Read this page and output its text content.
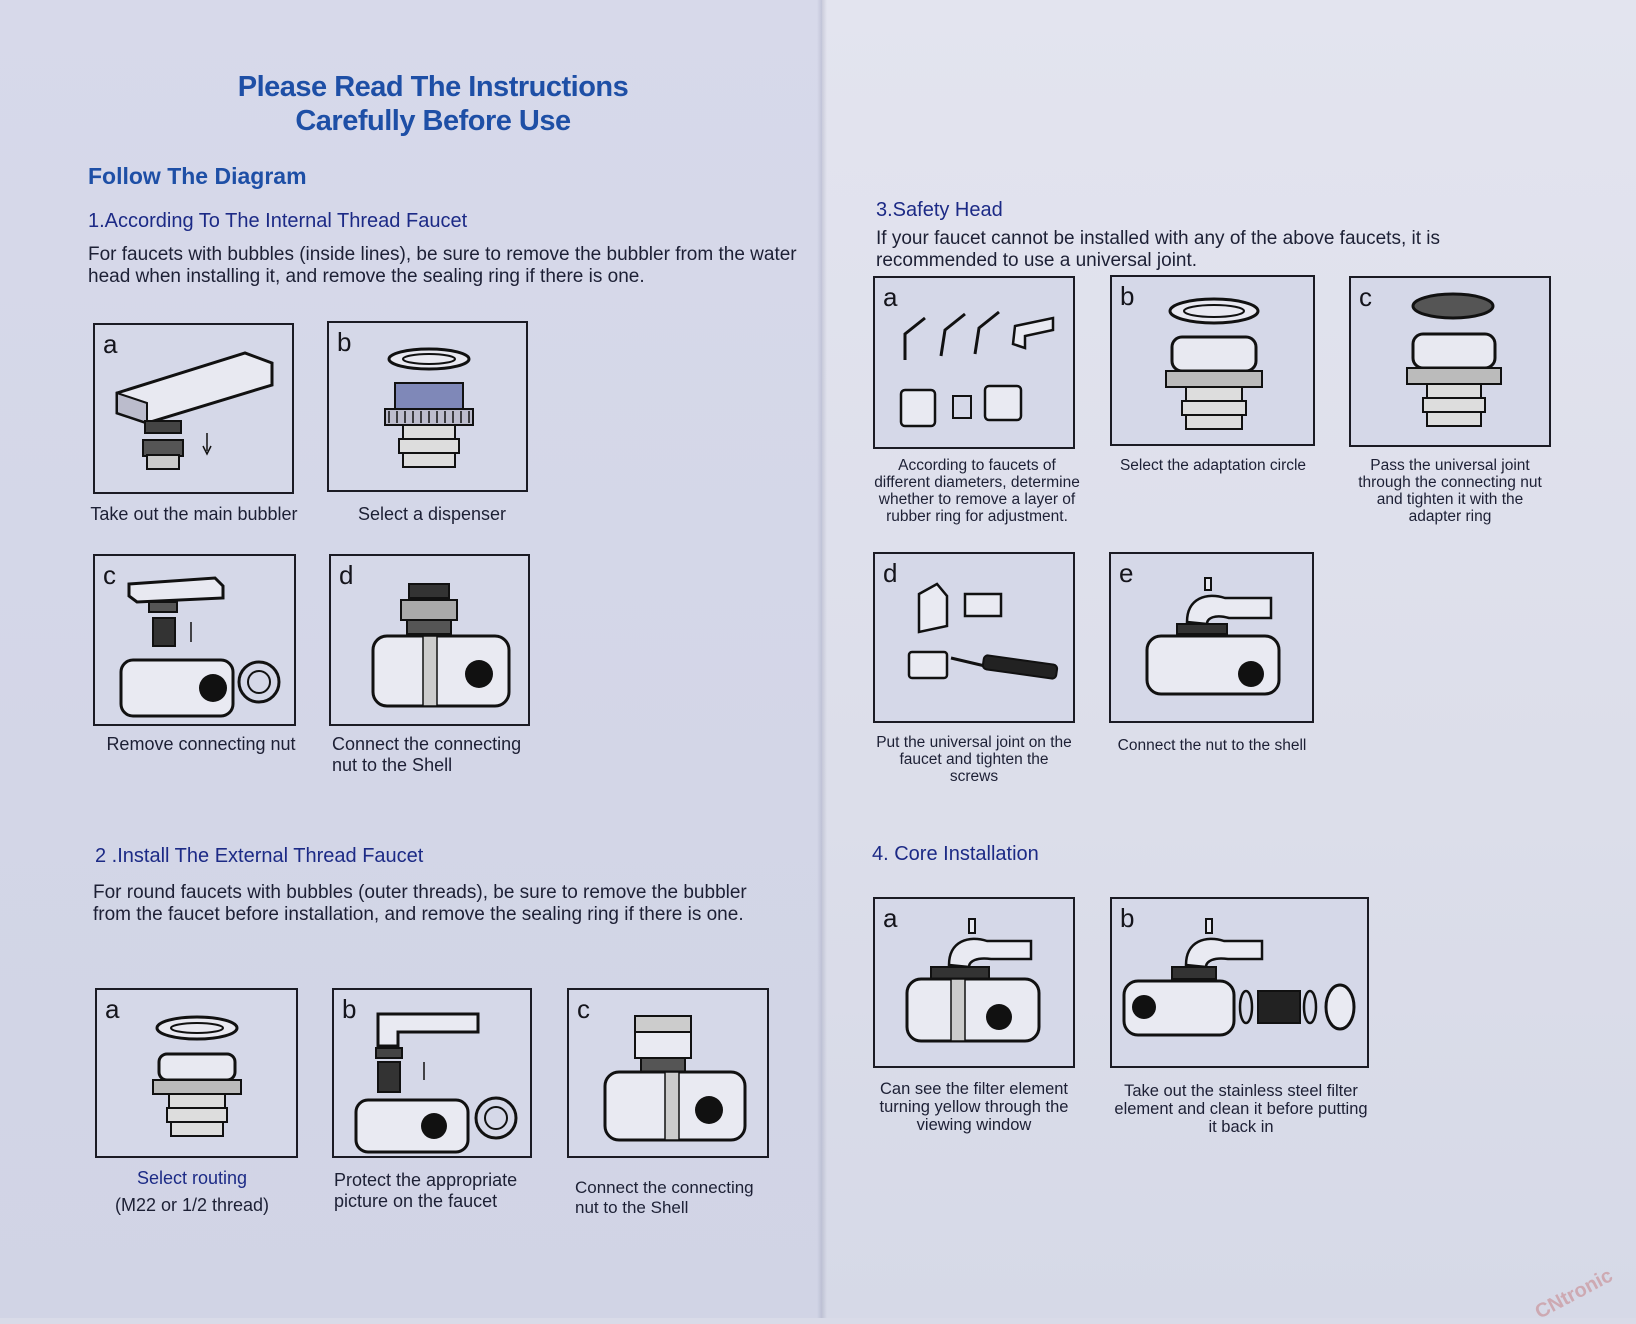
Please Read The Instructions
Carefully Before Use
Follow The Diagram
1.According To The Internal Thread Faucet
For faucets with bubbles (inside lines), be sure to remove the bubbler from the water head when installing it, and remove the sealing ring if there is one.
a
Take out the main bubbler
b
Select a dispenser
c
Remove connecting nut
d
Connect the connecting nut to the Shell
2 .Install The External Thread Faucet
For round faucets with bubbles (outer threads), be sure to remove the bubbler from the faucet before installation, and remove the sealing ring if there is one.
a
Select routing
(M22 or 1/2 thread)
b
Protect the appropriate picture on the faucet
c
Connect the connecting nut to the Shell
3.Safety Head
If your faucet cannot be installed with any of the above faucets, it is recommended to use a universal joint.
a
According to faucets of different diameters, determine whether to remove a layer of rubber ring for adjustment.
b
Select the adaptation circle
c
Pass the universal joint through the connecting nut and tighten it with the adapter ring
d
Put the universal joint on the faucet and tighten the screws
e
Connect the nut to the shell
4. Core Installation
a
Can see the filter element turning yellow through the viewing window
b
Take out the stainless steel filter element and clean it before putting it back in
CNtronic
